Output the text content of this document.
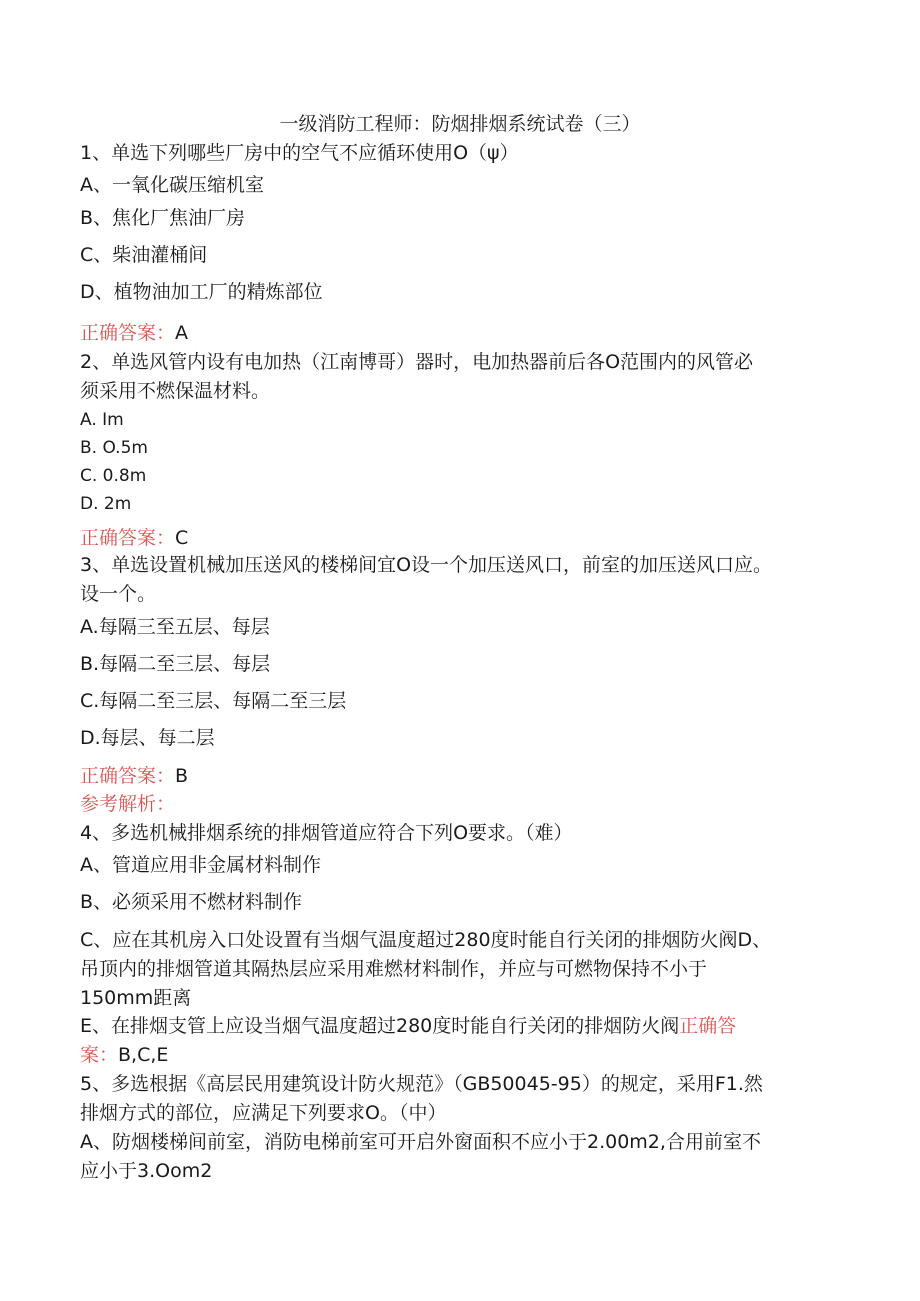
一级消防工程师：防烟排烟系统试卷（三）
1、单选下列哪些厂房中的空气不应循环使用O（ψ）
A、一氧化碳压缩机室
B、焦化厂焦油厂房
C、柴油灌桶间
D、植物油加工厂的精炼部位
正确答案：A
2、单选风管内设有电加热（江南博哥）器时，电加热器前后各O范围内的风管必
须采用不燃保温材料。
A. Im
B. O.5m
C. 0.8m
D. 2m
正确答案：C
3、单选设置机械加压送风的楼梯间宜O设一个加压送风口，前室的加压送风口应。
设一个。
A.每隔三至五层、每层
B.每隔二至三层、每层
C.每隔二至三层、每隔二至三层
D.每层、每二层
正确答案：B
参考解析：
4、多选机械排烟系统的排烟管道应符合下列O要求。（难）
A、管道应用非金属材料制作
B、必须采用不燃材料制作
C、应在其机房入口处设置有当烟气温度超过280度时能自行关闭的排烟防火阀D、
吊顶内的排烟管道其隔热层应采用难燃材料制作，并应与可燃物保持不小于
150mm距离
E、在排烟支管上应设当烟气温度超过280度时能自行关闭的排烟防火阀正确答
案：B,C,E
5、多选根据《高层民用建筑设计防火规范》（GB50045-95）的规定，采用F1.然
排烟方式的部位，应满足下列要求O。（中）
A、防烟楼梯间前室，消防电梯前室可开启外窗面积不应小于2.00m2,合用前室不
应小于3.Oom2
